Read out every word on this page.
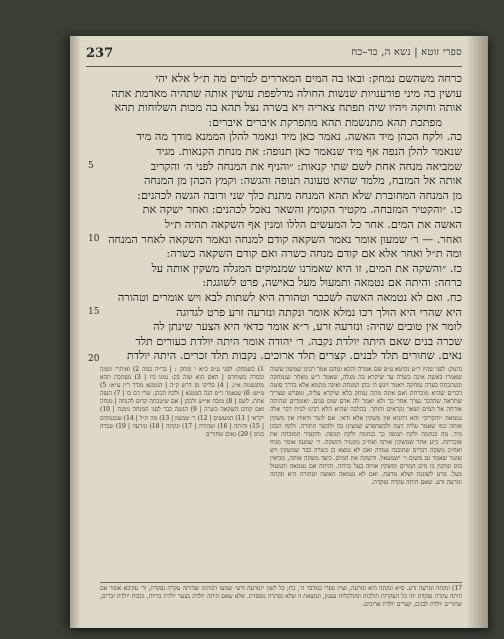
237	ספרי זוטא | נשא ה, כד–כח
5
10
15
20

כרחה משהשם נמחק: ובאו בה המים המאררים למרים מה ת״ל אלא יהי

עושין בה מיני פורענויות שנשות החולה מדלפפת עושין אותה שתהיה מאדמת אתה

אותה וחוקה ויהיו שיה תפתח צאריה ויא בשרה נצל תהא בה מכות השלוחות תהא

מפתכת תהא מתנשמת תהא מתפרקת איברים איברים:

כה. ולקח הכהן מיד האשה. נאמר כאן מיד ונאמר להלן הממנא מודך מה מיד

שנאמר להלן הנפה אף מיד שנאמר כאן תנופה: את מנחת הקנאות. מגיד

שמביאה מנחה אחת לשם שתי קנאות: ״והניף את המנחה לפני ה׳ והקריב

אותה אל המזבח, מלמד שהיא טעונה תנופה והגשה: וקמץ הכהן מן המנחה

מן המנחה המחוברת שלא תהא המנחה מתנת כלך שני ורובה הגשה לכהנים:

כו. ״והקטיר המזבחה. מקטיר הקומץ והשאר נאכל לכהנים: ואחר ישקה את

האשה את המים. אחר כל המעשים הללו ומנין אף השקאה תהיה ת״ל

ואחר. — ר׳ שמעון אומר נאמר השקאה קודם למנחה ונאמר השקאה לאחר המנחה

ומה ת״ל ואחר אלא אם קודם מנחה כשרה ואם קודם השקאה כשרה:

כז. ״והשקה את המים, זו היא שאמרנו שמנמקים המגלה משקין אותה על

כרחה: והיתה אם נטמאה ותמעול מעל באישה, פרט לשוגגת:

כח. ואם לא נטמאה האשה לשכבר וטהורה היא לשתות לבא ויש אומרים וטהורה

היא שהרי היא הולך רכו נמלא אומר ונקתה ונזרעה זרע פרט לגדוגה

לומר אין טובים שהיה: ונזרעה זרע, ר״א אומר כדאי היא הצער שינתן לה

שכרה בנים שאם היתה יולדת נקבה. ר׳ יהודה אומר היתה יולדת כעורים תלד

נאים. שחורים תלד לבנים. קצרים תלד ארוכים. נקבות תלד זכרים. היתה יולדת

נחמק: לפני שהיו ר״ע נקיטא ע״פ שם אמרה והכא ומהם אמר רבינו שמשון ששוה שאמרו באשה אינה כשרה עד שיקרא בה מגלה, שאמר ר״ע מאחר שנמחקה ונשתכחה בעדה נמחקה ויאמר ויגש ה׳ כהן המנחה ואינה מתמא אלא בדרך סוטה דברים שהיא מוכרחת ואם אינה מתה נמחק בלא שיקרא עליה, ומפרש שצריך שתראה שהדבר נצרך אחר כך ולא יאמר לה אדם שום פנים. ואומרים שהיתה אורחה אל המים ושאר נקראים והותר. בהלכה שהיא הלא רבינו לבית דבר אלה נטמאה ״והקריב״ והא דתניא אין משקין אלא ודאי. אם לומר ודאית אין משקין אותה כמו שאמר עליה דעת ולכשתפרע שמצינו בה ולכשר התורה. ולקח הכהן מיד. מה בנחמה ולקח תנופה כך בנחמה ולקח תנופה. והקטיר המזבחה את אזכרתה. כ״ע אחר שמשקין אותה ואח״כ מקטיר ותשקה. ר׳ שמעון אומר מניח ואח״כ משקה דברים שתוכנה עמדה ואם לא נמצא כן כשרה כבר שמשקין ויש שוטר שאמר גם משום ר׳ ישמעאל. והשקה את המים. כיצד משקה אותה, מביאין כוס ונותנין בו מים המרים ומשקין אותה בעל כרחה. והיתה אם נטמאה ותמעול מעל. פרט לשוגגת ושלא מדעת. ואם לא נטמאה האשה וטהורה היא ונקתה ונזרעה זרע. שאם היתה עקרה נפקדת.
1) כשמחק: לפני ע״ס כ״א י ומחק : | בר״ה כמה 2) ואיתרי וממה וכסרה בשוחרם | האם הוא שוה בק: נמנו כיו | 3) מפתכת תהא מתנשמת א״ן. | 4) סליקו מן דרש ק״ה | הממנא מודך ר״ן ע״א: 5) מ״ש: 6) שנאמר ר״פ הגה הממנא | ולקח הכהן. שרי דם בו | 7) הנפה אחת. לשם | 8) מזבח אי״ש ולכהן | אם שיטבתה קדום להנחה | מנחה ואם קודם השקאה כשרה | 9) הגשה כבר לפני המנחה ממנה | 10) יקראי | 11) המעשים | 12) ר׳ שמעון | 13) מה ת״ל | 14) שמנמקים | 15) והיתה | 16) וטהורה | 17) ונקתה | 18) ונזרעה | 19) שכרה בנים | 20) נאים שחורים
17) ונקתה ונזרעה זרע. ס״א ונקתה היא ונזרעה, ועיין ספרי במדבר ה׳, כח; כל לשון ״ונזרעה זרע״ שמעו רבותינו שהיתה עקרה נפקדת, ור׳ עקיבא אומר אם היתה עקרה נפקדת יהו כל העקרות הולכות ומקלקלות עצמן, ונמצאת זו שלא נסתרה מפסדת. אלא שאם היתה יולדת בצער יולדת בריוח, נקבות יולדת זכרים, שחורים יולדת לבנים, קצרים יולדת ארוכים.
